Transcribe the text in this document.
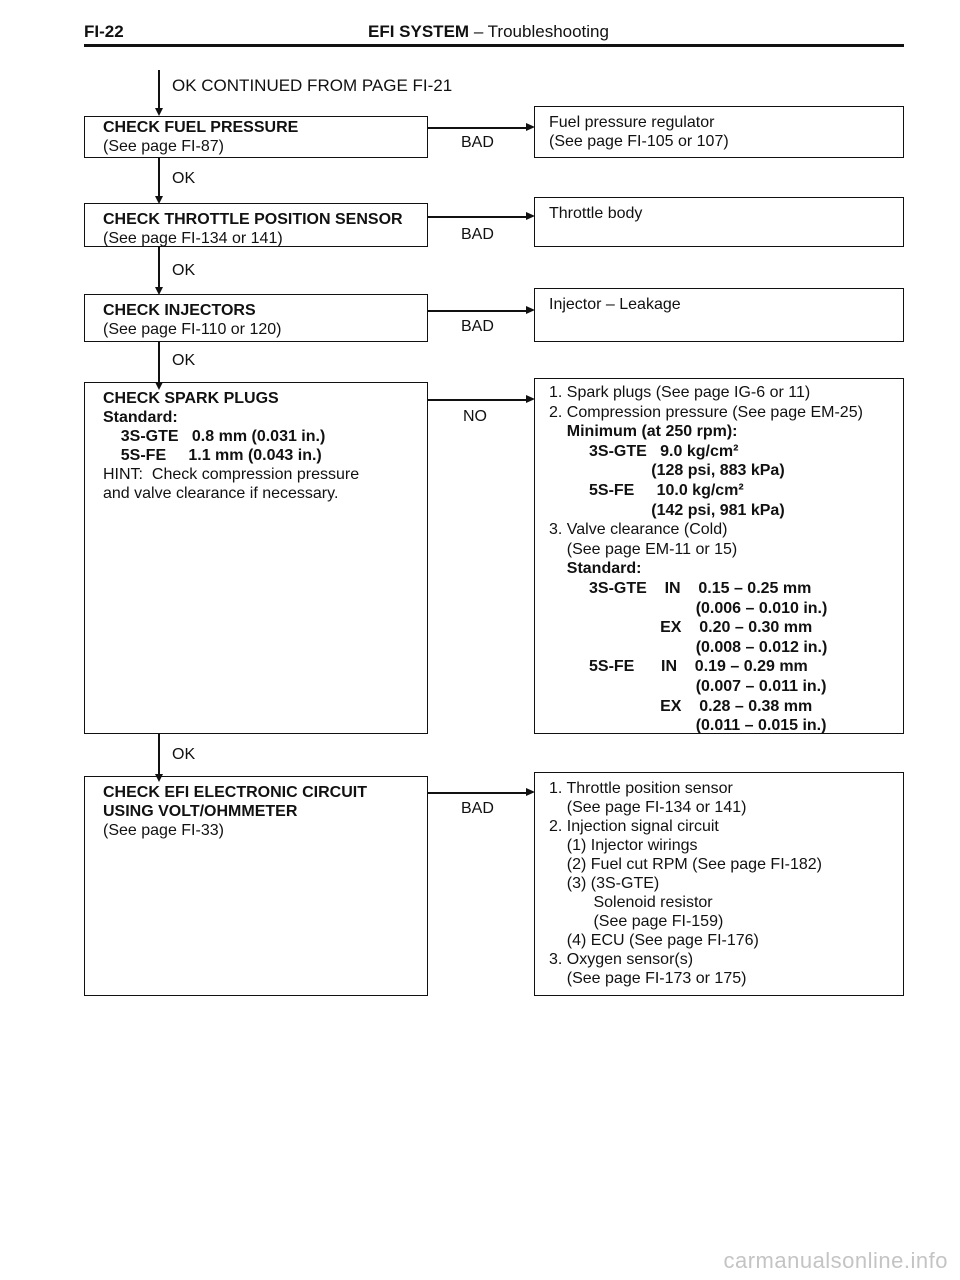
FI-22	EFI SYSTEM – Troubleshooting
OK CONTINUED FROM PAGE FI-21
CHECK FUEL PRESSURE
(See page FI-87)	BAD
Fuel pressure regulator
(See page FI-105 or 107)
OK
CHECK THROTTLE POSITION SENSOR
(See page FI-134 or 141)	BAD
Throttle body
OK
CHECK INJECTORS
(See page FI-110 or 120)	BAD
Injector – Leakage
OK
CHECK SPARK PLUGS
Standard:
3S-GTE   0.8 mm (0.031 in.)
5S-FE     1.1 mm (0.043 in.)
HINT:  Check compression pressure
and valve clearance if necessary.
NO
1. Spark plugs (See page IG-6 or 11)
2. Compression pressure (See page EM-25)
Minimum (at 250 rpm):
3S-GTE   9.0 kg/cm²
(128 psi, 883 kPa)
5S-FE     10.0 kg/cm²
(142 psi, 981 kPa)
3. Valve clearance (Cold)
(See page EM-11 or 15)
Standard:
3S-GTE    IN    0.15 – 0.25 mm
(0.006 – 0.010 in.)
EX    0.20 – 0.30 mm
(0.008 – 0.012 in.)
5S-FE      IN    0.19 – 0.29 mm
(0.007 – 0.011 in.)
EX    0.28 – 0.38 mm
(0.011 – 0.015 in.)
OK
CHECK EFI ELECTRONIC CIRCUIT
USING VOLT/OHMMETER
(See page FI-33)
BAD
1. Throttle position sensor
(See page FI-134 or 141)
2. Injection signal circuit
(1) Injector wirings
(2) Fuel cut RPM (See page FI-182)
(3) (3S-GTE)
Solenoid resistor
(See page FI-159)
(4) ECU (See page FI-176)
3. Oxygen sensor(s)
(See page FI-173 or 175)
carmanualsonline.info
